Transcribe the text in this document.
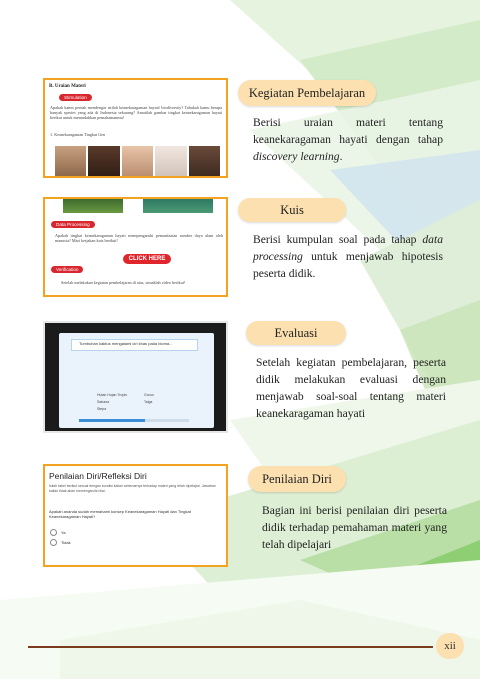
B. Uraian Materi
Stimulation
Apakah kamu pernah mendengar istilah keanekaragaman hayati/ biodiversity? Tahukah kamu berapa banyak spesies yang ada di Indonesia sekarang? Amatilah gambar tingkat keanekaragaman hayati berikut untuk memudahkan pemahamanmu!
1. Keanekaragaman Tingkat Gen
Data Processing
Apakah tingkat keanekaragaman hayati mempengaruhi pemanfaatan sumber daya alam oleh manusia? Mari kerjakan kuis berikut!
CLICK HERE
Verification
Setelah melakukan kegiatan pembelajaran di atas, simaklah video berikut!
Tumbuhan kaktus mengalami ciri khas pada bioma...
Hutan Hujan Tropis	Gurun
Sabana	Taiga
Stepa
Penilaian Diri/Refleksi Diri
Isilah tabel berikut sesuai dengan kondisi kalian sebenarnya terhadap materi yang telah dipelajari. Jawaban kalian tidak akan memengaruhi nilai.
Apakah ananda sudah memahami konsep Keanekaragaman Hayati dan Tingkat Keanekaragaman Hayati?
Ya
Tidak
Kegiatan Pembelajaran
Kuis
Evaluasi
Penilaian Diri
Berisi uraian materi tentang keanekaragaman hayati dengan tahap discovery learning.
Berisi kumpulan soal pada tahap data processing untuk menjawab hipotesis peserta didik.
Setelah kegiatan pembelajaran, peserta didik melakukan evaluasi dengan menjawab soal-soal tentang materi keanekaragaman hayati
Bagian ini berisi penilaian diri peserta didik terhadap pemahaman materi yang telah dipelajari
xii
